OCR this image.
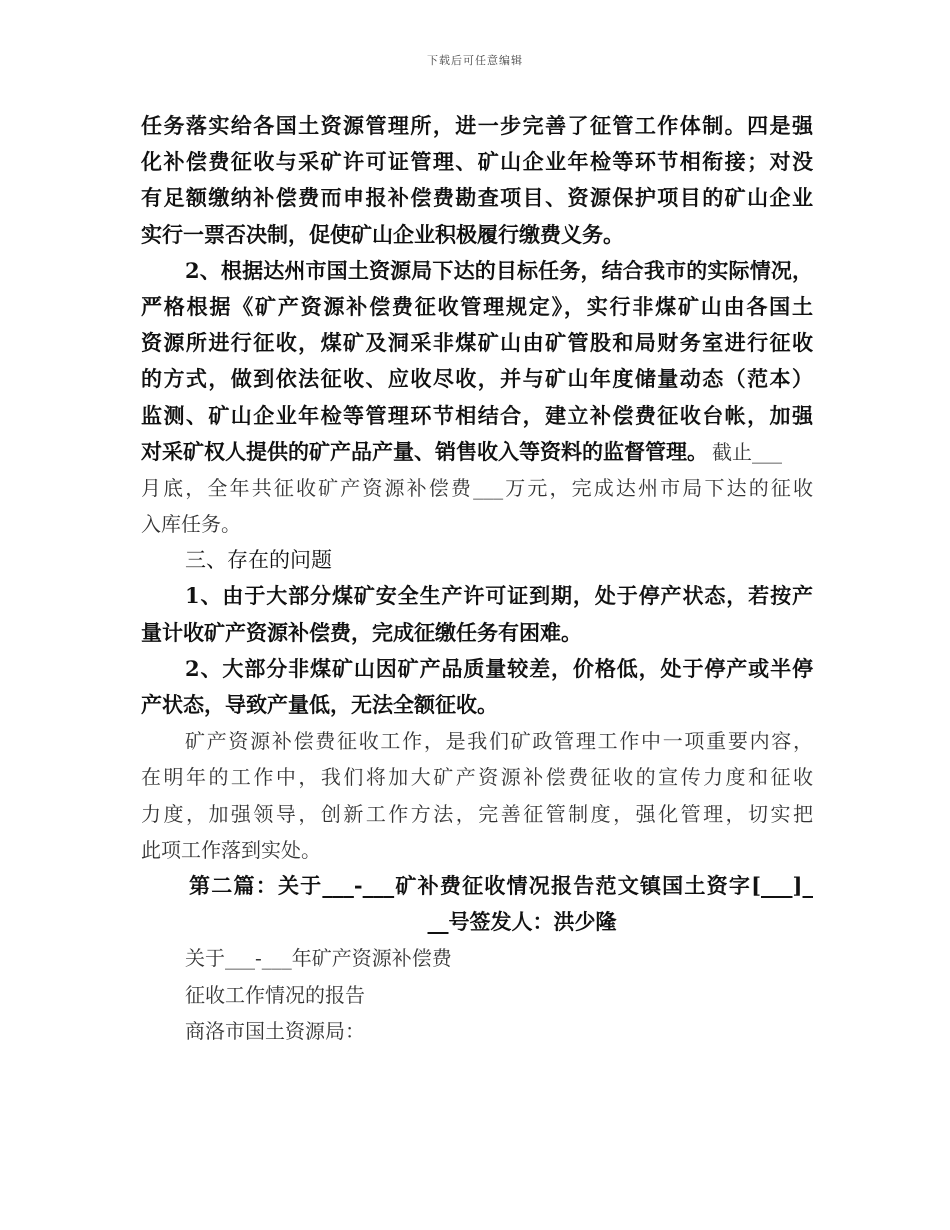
下载后可任意编辑
任务落实给各国土资源管理所，进一步完善了征管工作体制。四是强
化补偿费征收与采矿许可证管理、矿山企业年检等环节相衔接；对没
有足额缴纳补偿费而申报补偿费勘查项目、资源保护项目的矿山企业
实行一票否决制，促使矿山企业积极履行缴费义务。
2、根据达州市国土资源局下达的目标任务，结合我市的实际情况，
严格根据《矿产资源补偿费征收管理规定》，实行非煤矿山由各国土
资源所进行征收，煤矿及洞采非煤矿山由矿管股和局财务室进行征收
的方式，做到依法征收、应收尽收，并与矿山年度储量动态（范本）
监测、矿山企业年检等管理环节相结合，建立补偿费征收台帐，加强
对采矿权人提供的矿产品产量、销售收入等资料的监督管理。 截止___
月底，全年共征收矿产资源补偿费___万元，完成达州市局下达的征收
入库任务。
三、存在的问题
1、由于大部分煤矿安全生产许可证到期，处于停产状态，若按产
量计收矿产资源补偿费，完成征缴任务有困难。
2、大部分非煤矿山因矿产品质量较差，价格低，处于停产或半停
产状态，导致产量低，无法全额征收。
矿产资源补偿费征收工作，是我们矿政管理工作中一项重要内容，
在明年的工作中，我们将加大矿产资源补偿费征收的宣传力度和征收
力度，加强领导，创新工作方法，完善征管制度，强化管理，切实把
此项工作落到实处。
第二篇：关于___-___矿补费征收情况报告范文镇国土资字[___]_
__号签发人：洪少隆
关于___-___年矿产资源补偿费
征收工作情况的报告
商洛市国土资源局：
